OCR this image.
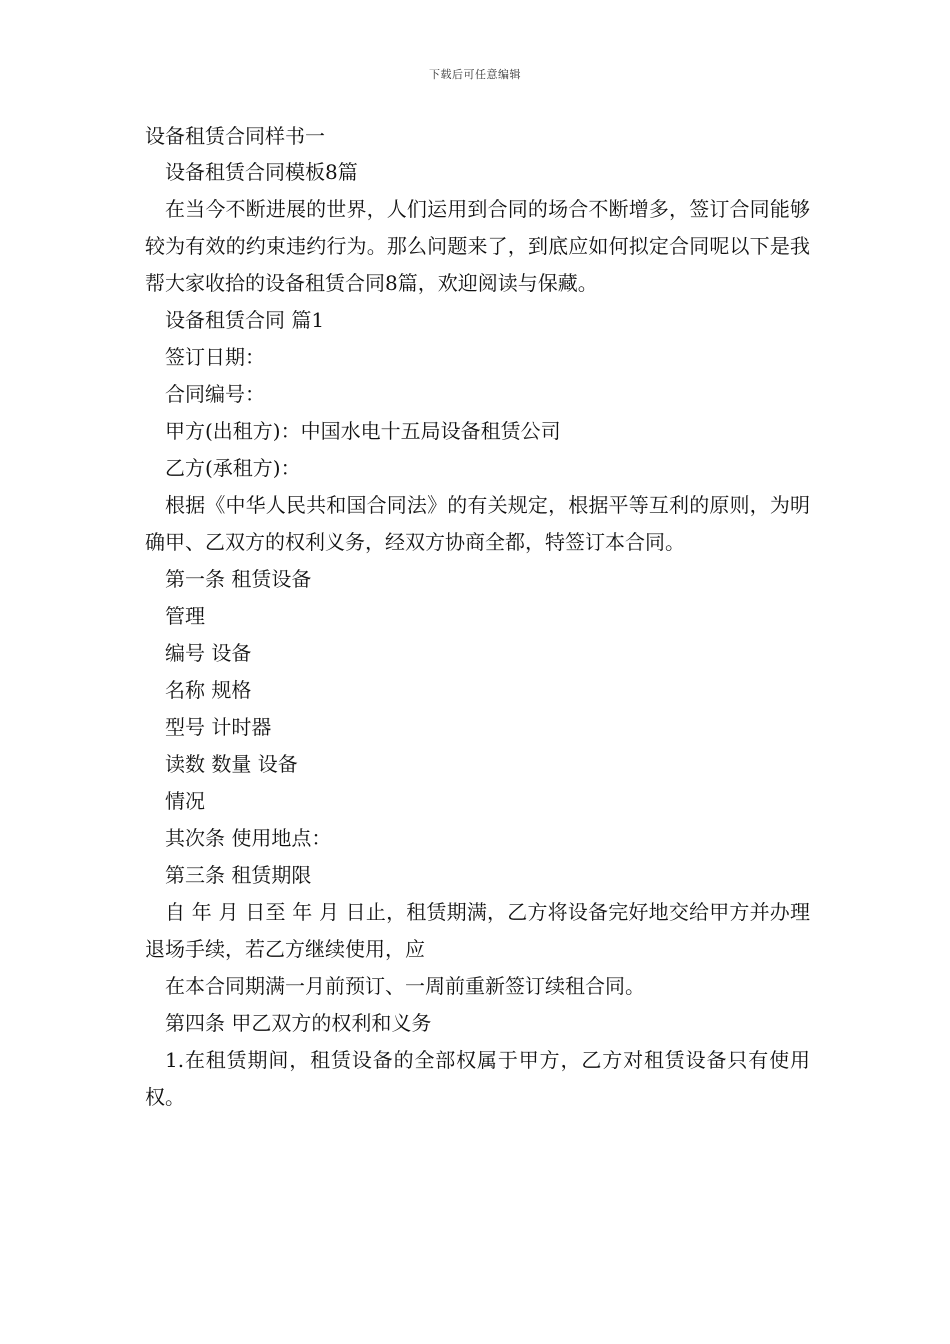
下载后可任意编辑

设备租赁合同样书一

设备租赁合同模板8篇

在当今不断进展的世界，人们运用到合同的场合不断增多，签订合同能够较为有效的约束违约行为。那么问题来了，到底应如何拟定合同呢以下是我帮大家收拾的设备租赁合同8篇，欢迎阅读与保藏。

设备租赁合同 篇1

签订日期：

合同编号：

甲方(出租方)：中国水电十五局设备租赁公司

乙方(承租方)：

根据《中华人民共和国合同法》的有关规定，根据平等互利的原则，为明确甲、乙双方的权利义务，经双方协商全都，特签订本合同。

第一条 租赁设备

管理

编号 设备

名称 规格

型号 计时器

读数 数量 设备

情况

其次条 使用地点：

第三条 租赁期限

自 年 月 日至 年 月 日止，租赁期满，乙方将设备完好地交给甲方并办理退场手续，若乙方继续使用，应

在本合同期满一月前预订、一周前重新签订续租合同。

第四条 甲乙双方的权利和义务

1.在租赁期间，租赁设备的全部权属于甲方，乙方对租赁设备只有使用权。
